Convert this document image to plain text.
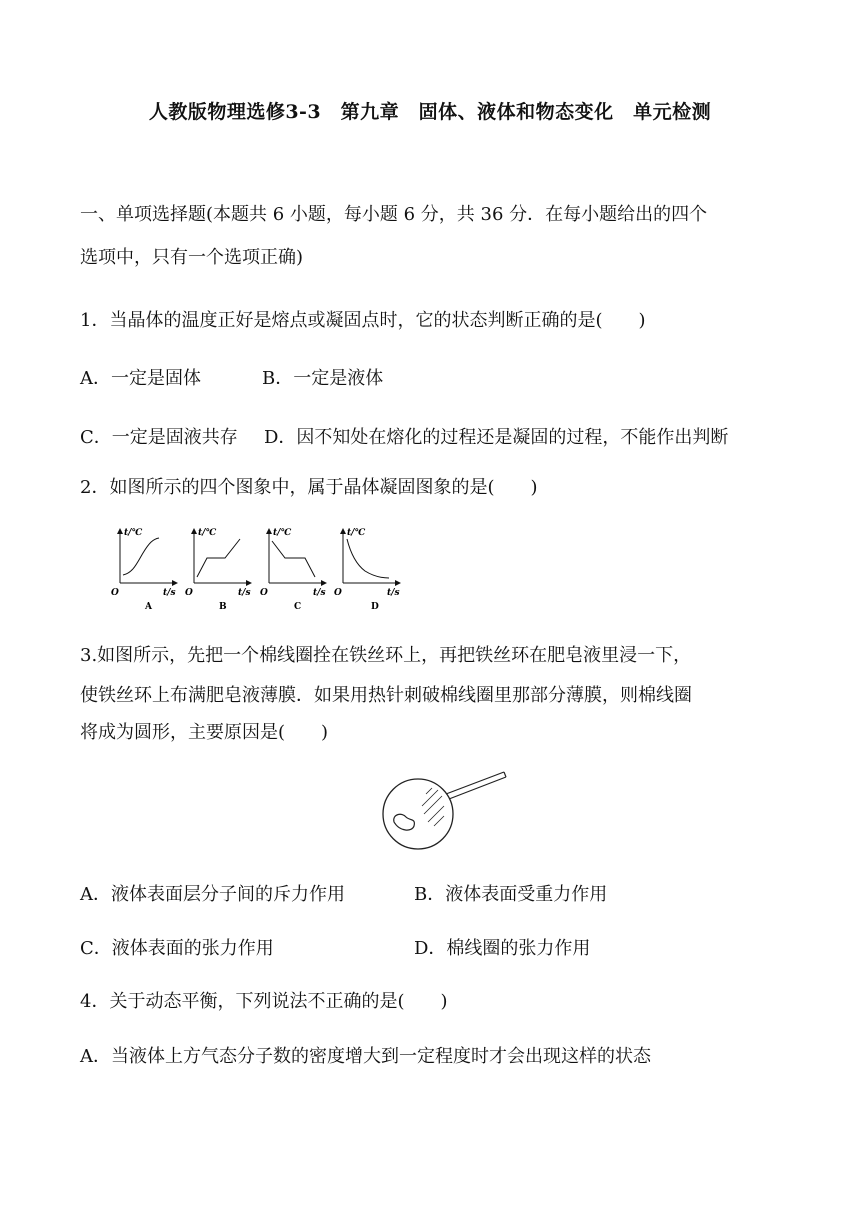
人教版物理选修3-3　第九章　固体、液体和物态变化　单元检测
一、单项选择题(本题共 6 小题，每小题 6 分，共 36 分．在每小题给出的四个
选项中，只有一个选项正确)
1．当晶体的温度正好是熔点或凝固点时，它的状态判断正确的是(　　)
A．一定是固体	B．一定是液体
C．一定是固液共存 D．因不知处在熔化的过程还是凝固的过程，不能作出判断
2．如图所示的四个图象中，属于晶体凝固图象的是(　　)
t/℃
t/s
O
A
t/℃
t/s
O
B
t/℃
t/s
O
C
t/℃
t/s
O
D
3.如图所示，先把一个棉线圈拴在铁丝环上，再把铁丝环在肥皂液里浸一下，
使铁丝环上布满肥皂液薄膜．如果用热针刺破棉线圈里那部分薄膜，则棉线圈
将成为圆形，主要原因是(　　)
A．液体表面层分子间的斥力作用	B．液体表面受重力作用
C．液体表面的张力作用	D．棉线圈的张力作用
4．关于动态平衡，下列说法不正确的是(　　)
A．当液体上方气态分子数的密度增大到一定程度时才会出现这样的状态
